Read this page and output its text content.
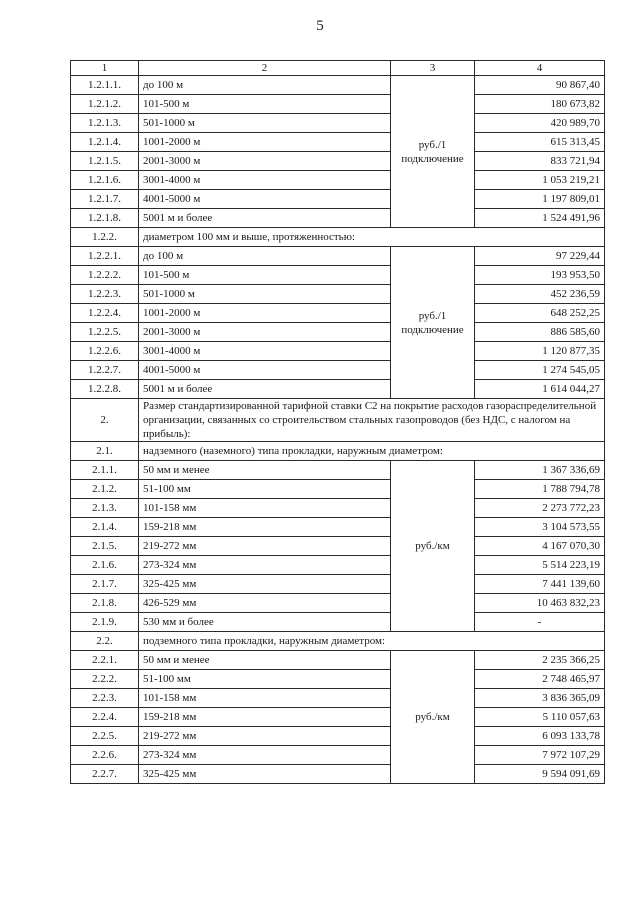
5
1	2	3	4
1.2.1.1.	до 100 м	руб./1 подключение	90 867,40
1.2.1.2.	101-500 м		180 673,82
1.2.1.3.	501-1000 м		420 989,70
1.2.1.4.	1001-2000 м		615 313,45
1.2.1.5.	2001-3000 м		833 721,94
1.2.1.6.	3001-4000 м		1 053 219,21
1.2.1.7.	4001-5000 м		1 197 809,01
1.2.1.8.	5001 м и более		1 524 491,96
1.2.2.	диаметром 100 мм и выше, протяженностью:		
1.2.2.1.	до 100 м	руб./1 подключение	97 229,44
1.2.2.2.	101-500 м		193 953,50
1.2.2.3.	501-1000 м		452 236,59
1.2.2.4.	1001-2000 м		648 252,25
1.2.2.5.	2001-3000 м		886 585,60
1.2.2.6.	3001-4000 м		1 120 877,35
1.2.2.7.	4001-5000 м		1 274 545,05
1.2.2.8.	5001 м и более		1 614 044,27
2.	Размер стандартизированной тарифной ставки С2 на покрытие расходов газораспределительной организации, связанных со строительством стальных газопроводов (без НДС, с налогом на прибыль):		
2.1.	надземного (наземного) типа прокладки, наружным диаметром:		
2.1.1.	50 мм и менее	руб./км	1 367 336,69
2.1.2.	51-100 мм		1 788 794,78
2.1.3.	101-158 мм		2 273 772,23
2.1.4.	159-218 мм		3 104 573,55
2.1.5.	219-272 мм		4 167 070,30
2.1.6.	273-324 мм		5 514 223,19
2.1.7.	325-425 мм		7 441 139,60
2.1.8.	426-529 мм		10 463 832,23
2.1.9.	530 мм и более		-
2.2.	подземного типа прокладки, наружным диаметром:		
2.2.1.	50 мм и менее	руб./км	2 235 366,25
2.2.2.	51-100 мм		2 748 465,97
2.2.3.	101-158 мм		3 836 365,09
2.2.4.	159-218 мм		5 110 057,63
2.2.5.	219-272 мм		6 093 133,78
2.2.6.	273-324 мм		7 972 107,29
2.2.7.	325-425 мм		9 594 091,69
